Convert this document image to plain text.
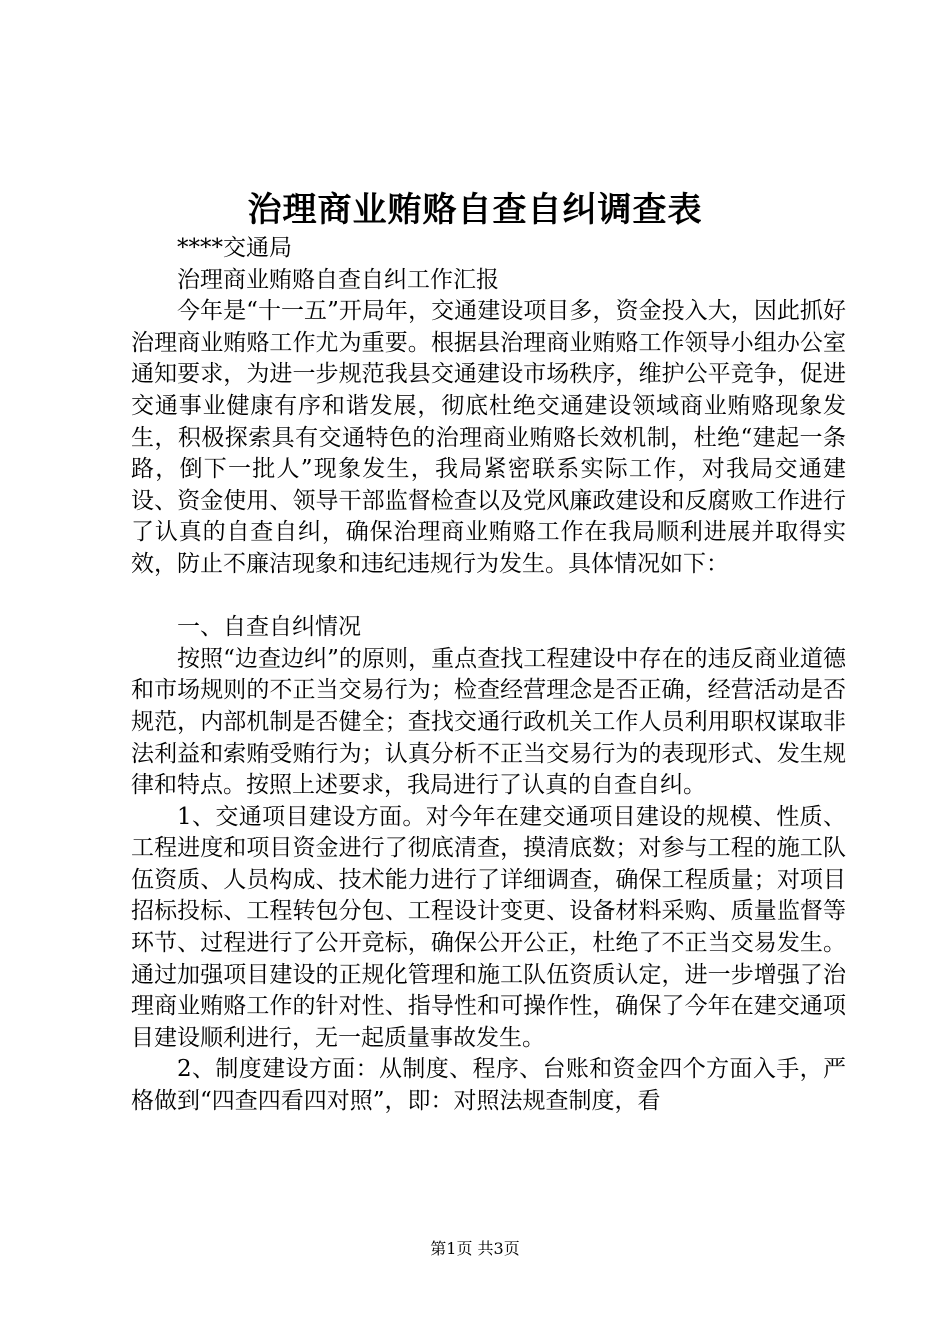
治理商业贿赂自查自纠调查表

****交通局

治理商业贿赂自查自纠工作汇报

今年是“十一五”开局年，交通建设项目多，资金投入大，因此抓好治理商业贿赂工作尤为重要。根据县治理商业贿赂工作领导小组办公室通知要求，为进一步规范我县交通建设市场秩序，维护公平竞争，促进交通事业健康有序和谐发展，彻底杜绝交通建设领域商业贿赂现象发生，积极探索具有交通特色的治理商业贿赂长效机制，杜绝“建起一条路，倒下一批人”现象发生，我局紧密联系实际工作，对我局交通建设、资金使用、领导干部监督检查以及党风廉政建设和反腐败工作进行了认真的自查自纠，确保治理商业贿赂工作在我局顺利进展并取得实效，防止不廉洁现象和违纪违规行为发生。具体情况如下：

一、自查自纠情况

按照“边查边纠”的原则，重点查找工程建设中存在的违反商业道德和市场规则的不正当交易行为；检查经营理念是否正确，经营活动是否规范，内部机制是否健全；查找交通行政机关工作人员利用职权谋取非法利益和索贿受贿行为；认真分析不正当交易行为的表现形式、发生规律和特点。按照上述要求，我局进行了认真的自查自纠。

1、交通项目建设方面。对今年在建交通项目建设的规模、性质、工程进度和项目资金进行了彻底清查，摸清底数；对参与工程的施工队伍资质、人员构成、技术能力进行了详细调查，确保工程质量；对项目招标投标、工程转包分包、工程设计变更、设备材料采购、质量监督等环节、过程进行了公开竞标，确保公开公正，杜绝了不正当交易发生。通过加强项目建设的正规化管理和施工队伍资质认定，进一步增强了治理商业贿赂工作的针对性、指导性和可操作性，确保了今年在建交通项目建设顺利进行，无一起质量事故发生。

2、制度建设方面：从制度、程序、台账和资金四个方面入手，严格做到“四查四看四对照”，即：对照法规查制度，看

第1页 共3页
